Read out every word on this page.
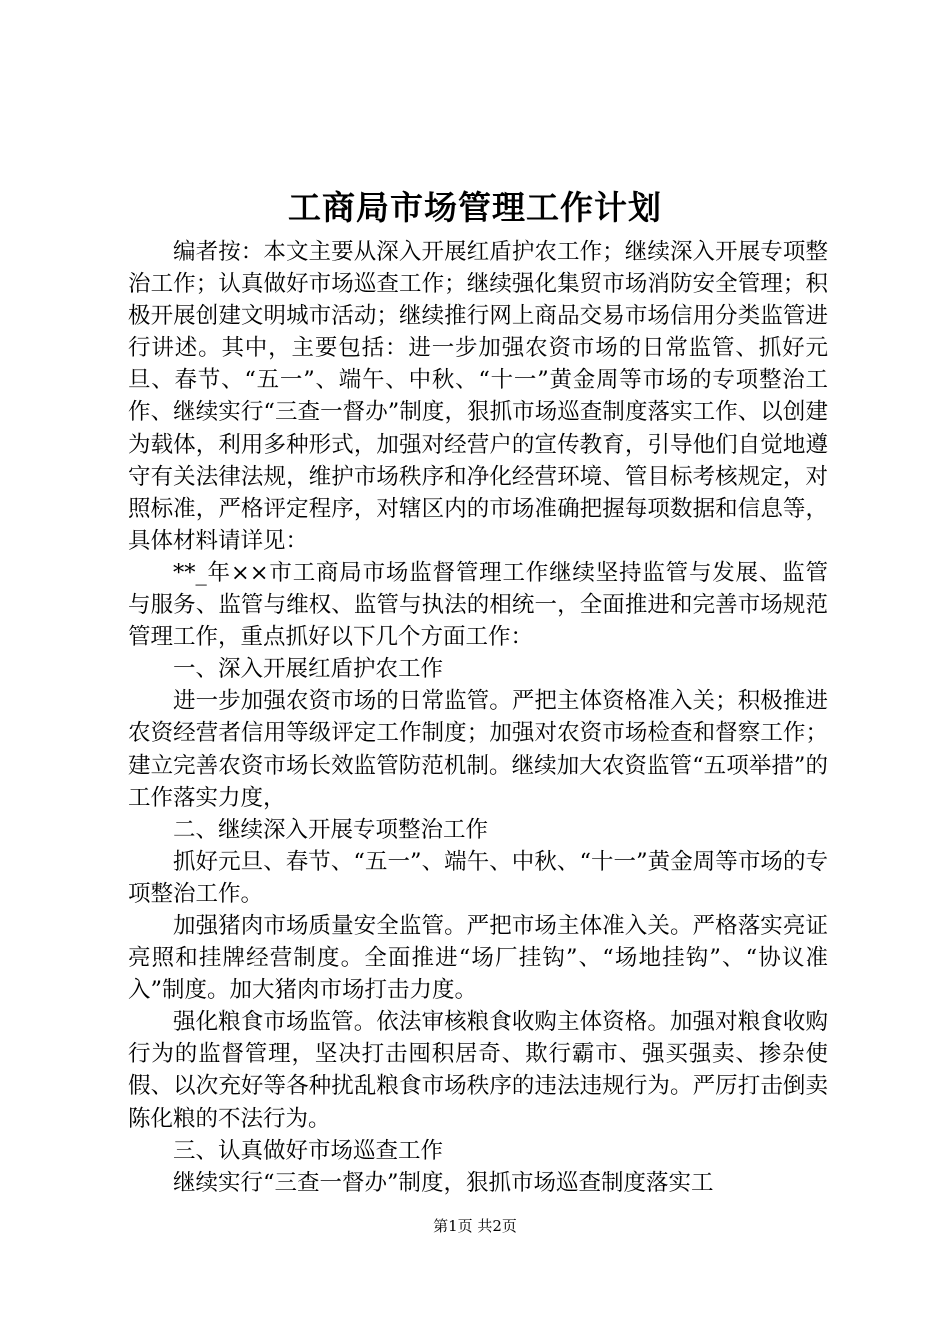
工商局市场管理工作计划

编者按：本文主要从深入开展红盾护农工作；继续深入开展专项整治工作；认真做好市场巡查工作；继续强化集贸市场消防安全管理；积极开展创建文明城市活动；继续推行网上商品交易市场信用分类监管进行讲述。其中，主要包括：进一步加强农资市场的日常监管、抓好元旦、春节、“五一”、端午、中秋、“十一”黄金周等市场的专项整治工作、继续实行“三查一督办”制度，狠抓市场巡查制度落实工作、以创建为载体，利用多种形式，加强对经营户的宣传教育，引导他们自觉地遵守有关法律法规，维护市场秩序和净化经营环境、管目标考核规定，对照标准，严格评定程序，对辖区内的市场准确把握每项数据和信息等，具体材料请详见：

**_年××市工商局市场监督管理工作继续坚持监管与发展、监管与服务、监管与维权、监管与执法的相统一，全面推进和完善市场规范管理工作，重点抓好以下几个方面工作：

一、深入开展红盾护农工作

进一步加强农资市场的日常监管。严把主体资格准入关；积极推进农资经营者信用等级评定工作制度；加强对农资市场检查和督察工作；建立完善农资市场长效监管防范机制。继续加大农资监管“五项举措”的工作落实力度，

二、继续深入开展专项整治工作

抓好元旦、春节、“五一”、端午、中秋、“十一”黄金周等市场的专项整治工作。

加强猪肉市场质量安全监管。严把市场主体准入关。严格落实亮证亮照和挂牌经营制度。全面推进“场厂挂钩”、“场地挂钩”、“协议准入”制度。加大猪肉市场打击力度。

强化粮食市场监管。依法审核粮食收购主体资格。加强对粮食收购行为的监督管理，坚决打击囤积居奇、欺行霸市、强买强卖、掺杂使假、以次充好等各种扰乱粮食市场秩序的违法违规行为。严厉打击倒卖陈化粮的不法行为。

三、认真做好市场巡查工作

继续实行“三查一督办”制度，狠抓市场巡查制度落实工

第1页 共2页
